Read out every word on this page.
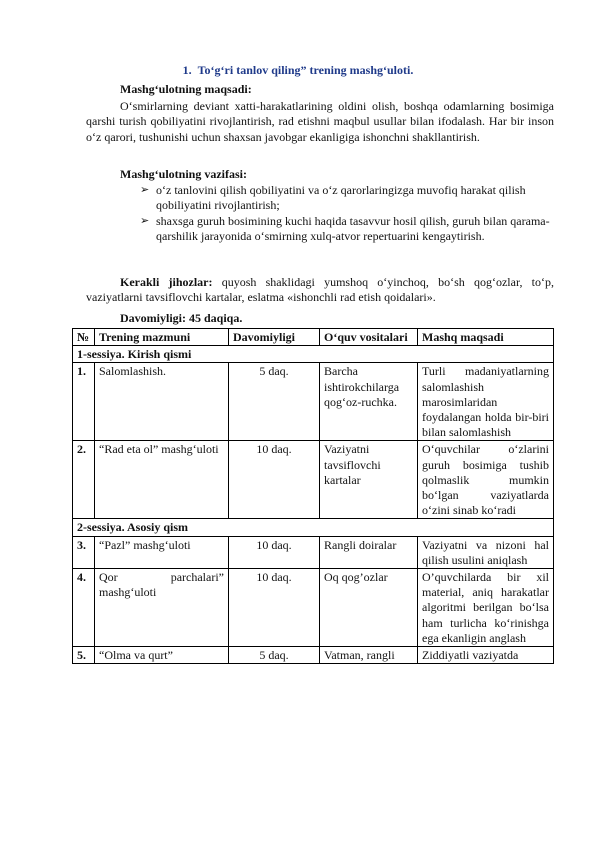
1. To‘g‘ri tanlov qiling” trening mashg‘uloti.
Mashg‘ulotning maqsadi:
O‘smirlarning deviant xatti-harakatlarining oldini olish, boshqa odamlarning bosimiga qarshi turish qobiliyatini rivojlantirish, rad etishni maqbul usullar bilan ifodalash. Har bir inson o‘z qarori, tushunishi uchun shaxsan javobgar ekanligiga ishonchni shakllantirish.
Mashg‘ulotning vazifasi:
➢ o‘z tanlovini qilish qobiliyatini va o‘z qarorlaringizga muvofiq harakat qilish qobiliyatini rivojlantirish;
➢ shaxsga guruh bosimining kuchi haqida tasavvur hosil qilish, guruh bilan qarama-qarshilik jarayonida o‘smirning xulq-atvor repertuarini kengaytirish.
Kerakli jihozlar: quyosh shaklidagi yumshoq o‘yinchoq, bo‘sh qog‘ozlar, to‘p, vaziyatlarni tavsiflovchi kartalar, eslatma «ishonchli rad etish qoidalari».
Davomiyligi: 45 daqiqa.
№	Trening mazmuni	Davomiyligi	O‘quv vositalari	Mashq maqsadi
1-sessiya. Kirish qismi				
1.	Salomlashish.	5 daq.	Barcha ishtirokchilarga qog‘oz-ruchka.	Turli madaniyatlarning salomlashish marosimlaridan foydalangan holda bir-biri bilan salomlashish
2.	“Rad eta ol” mashg‘uloti	10 daq.	Vaziyatni tavsiflovchi kartalar	O‘quvchilar o‘zlarini guruh bosimiga tushib qolmaslik mumkin bo‘lgan vaziyatlarda o‘zini sinab ko‘radi
2-sessiya. Asosiy qism				
3.	“Pazl” mashg‘uloti	10 daq.	Rangli doiralar	Vaziyatni va nizoni hal qilish usulini aniqlash
4.	Qor parchalari” mashg‘uloti	10 daq.	Oq qog’ozlar	O’quvchilarda bir xil material, aniq harakatlar algoritmi berilgan bo‘lsa ham turlicha ko‘rinishga ega ekanligin anglash
5.	“Olma va qurt”	5 daq.	Vatman, rangli	Ziddiyatli vaziyatda
